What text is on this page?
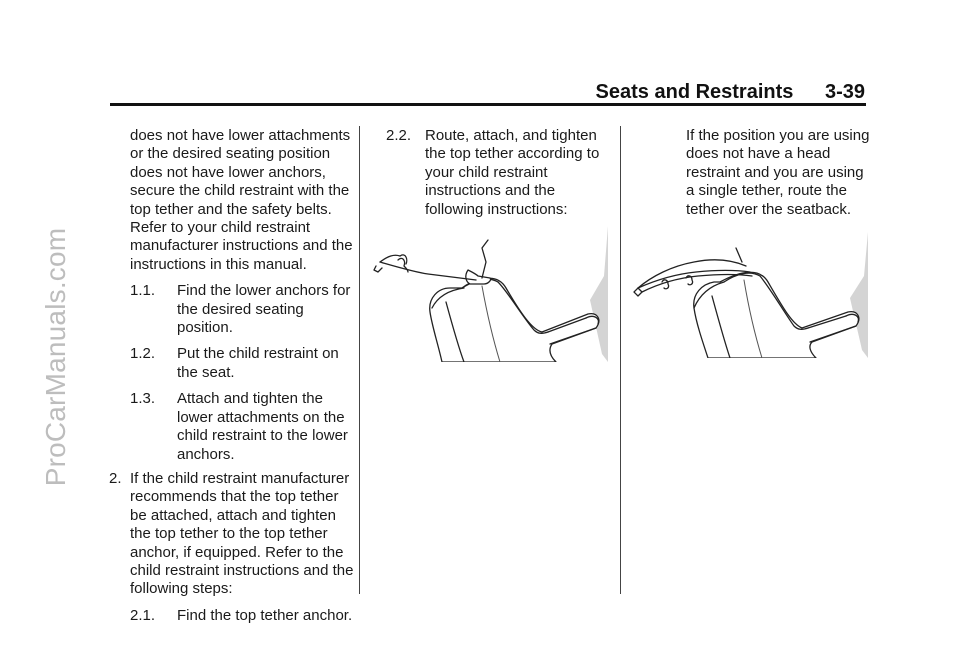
ProCarManuals.com
Seats and Restraints 3-39

does not have lower attachments or the desired seating position does not have lower anchors, secure the child restraint with the top tether and the safety belts. Refer to your child restraint manufacturer instructions and the instructions in this manual.

1.1. Find the lower anchors for the desired seating position.

1.2. Put the child restraint on the seat.

1.3. Attach and tighten the lower attachments on the child restraint to the lower anchors.

2. If the child restraint manufacturer recommends that the top tether be attached, attach and tighten the top tether to the top tether anchor, if equipped. Refer to the child restraint instructions and the following steps:

2.1. Find the top tether anchor.

2.2. Route, attach, and tighten the top tether according to your child restraint instructions and the following instructions:

If the position you are using does not have a head restraint and you are using a single tether, route the tether over the seatback.
